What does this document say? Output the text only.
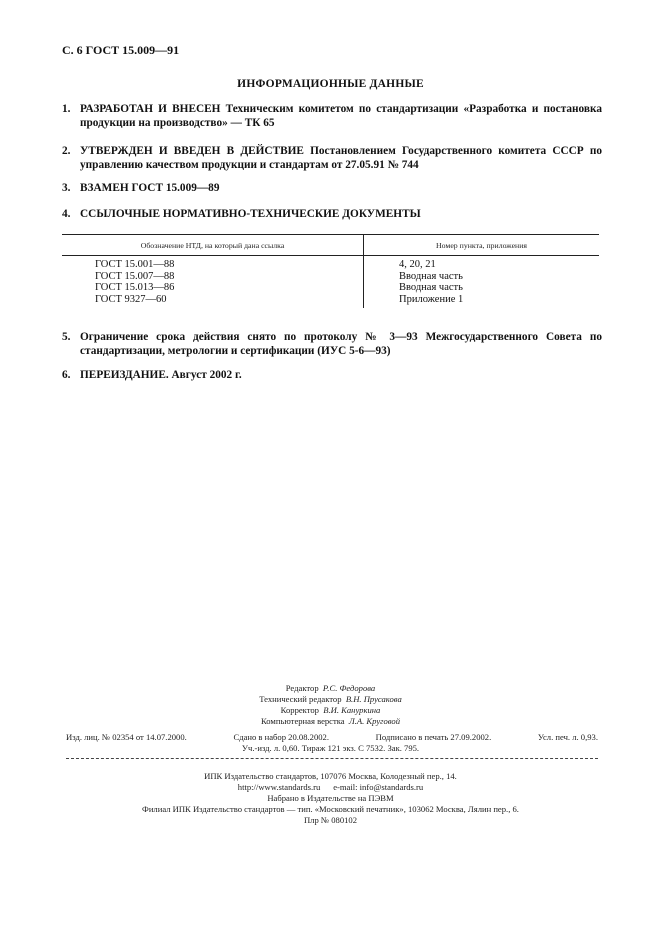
С. 6 ГОСТ 15.009—91
ИНФОРМАЦИОННЫЕ ДАННЫЕ
1. РАЗРАБОТАН И ВНЕСЕН Техническим комитетом по стандартизации «Разработка и постановка продукции на производство» — ТК 65
2. УТВЕРЖДЕН И ВВЕДЕН В ДЕЙСТВИЕ Постановлением Государственного комитета СССР по управлению качеством продукции и стандартам от 27.05.91 № 744
3. ВЗАМЕН ГОСТ 15.009—89
4. ССЫЛОЧНЫЕ НОРМАТИВНО-ТЕХНИЧЕСКИЕ ДОКУМЕНТЫ
Обозначение НТД, на который дана ссылка	Номер пункта, приложения
ГОСТ 15.001—88	4, 20, 21
ГОСТ 15.007—88	Вводная часть
ГОСТ 15.013—86	Вводная часть
ГОСТ 9327—60	Приложение 1
5. Ограничение срока действия снято по протоколу № 3—93 Межгосударственного Совета по стандартизации, метрологии и сертификации (ИУС 5-6—93)
6. ПЕРЕИЗДАНИЕ. Август 2002 г.
Редактор Р.С. Федорова
Технический редактор В.Н. Прусакова
Корректор В.И. Кануркина
Компьютерная верстка Л.А. Круговой
Изд. лиц. № 02354 от 14.07.2000.	Сдано в набор 20.08.2002.	Подписано в печать 27.09.2002.	Усл. печ. л. 0,93.
Уч.-изд. л. 0,60. Тираж 121 экз. С 7532. Зак. 795.
ИПК Издательство стандартов, 107076 Москва, Колодезный пер., 14.
http://www.standards.ru e-mail: info@standards.ru
Набрано в Издательстве на ПЭВМ
Филиал ИПК Издательство стандартов — тип. «Московский печатник», 103062 Москва, Лялин пер., 6.
Плр № 080102
